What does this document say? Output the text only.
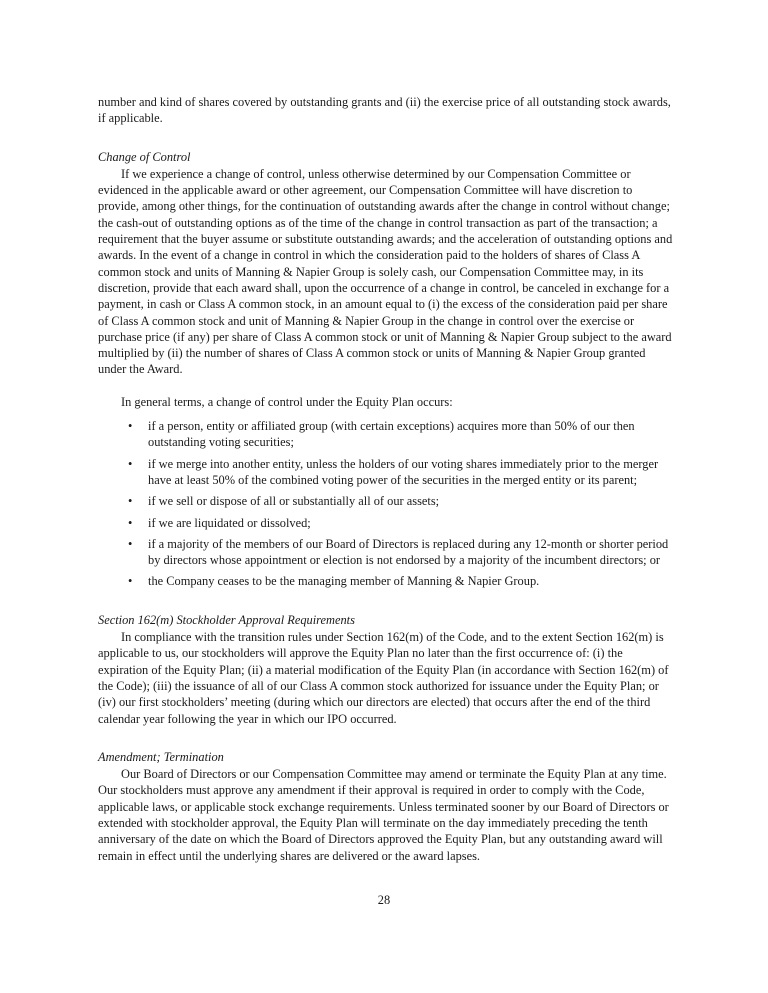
number and kind of shares covered by outstanding grants and (ii) the exercise price of all outstanding stock awards, if applicable.

Change of Control

If we experience a change of control, unless otherwise determined by our Compensation Committee or evidenced in the applicable award or other agreement, our Compensation Committee will have discretion to provide, among other things, for the continuation of outstanding awards after the change in control without change; the cash-out of outstanding options as of the time of the change in control transaction as part of the transaction; a requirement that the buyer assume or substitute outstanding awards; and the acceleration of outstanding options and awards. In the event of a change in control in which the consideration paid to the holders of shares of Class A common stock and units of Manning & Napier Group is solely cash, our Compensation Committee may, in its discretion, provide that each award shall, upon the occurrence of a change in control, be canceled in exchange for a payment, in cash or Class A common stock, in an amount equal to (i) the excess of the consideration paid per share of Class A common stock and unit of Manning & Napier Group in the change in control over the exercise or purchase price (if any) per share of Class A common stock or unit of Manning & Napier Group subject to the award multiplied by (ii) the number of shares of Class A common stock or units of Manning & Napier Group granted under the Award.

In general terms, a change of control under the Equity Plan occurs:

• if a person, entity or affiliated group (with certain exceptions) acquires more than 50% of our then outstanding voting securities;
• if we merge into another entity, unless the holders of our voting shares immediately prior to the merger have at least 50% of the combined voting power of the securities in the merged entity or its parent;
• if we sell or dispose of all or substantially all of our assets;
• if we are liquidated or dissolved;
• if a majority of the members of our Board of Directors is replaced during any 12-month or shorter period by directors whose appointment or election is not endorsed by a majority of the incumbent directors; or
• the Company ceases to be the managing member of Manning & Napier Group.

Section 162(m) Stockholder Approval Requirements

In compliance with the transition rules under Section 162(m) of the Code, and to the extent Section 162(m) is applicable to us, our stockholders will approve the Equity Plan no later than the first occurrence of: (i) the expiration of the Equity Plan; (ii) a material modification of the Equity Plan (in accordance with Section 162(m) of the Code); (iii) the issuance of all of our Class A common stock authorized for issuance under the Equity Plan; or (iv) our first stockholders’ meeting (during which our directors are elected) that occurs after the end of the third calendar year following the year in which our IPO occurred.

Amendment; Termination

Our Board of Directors or our Compensation Committee may amend or terminate the Equity Plan at any time. Our stockholders must approve any amendment if their approval is required in order to comply with the Code, applicable laws, or applicable stock exchange requirements. Unless terminated sooner by our Board of Directors or extended with stockholder approval, the Equity Plan will terminate on the day immediately preceding the tenth anniversary of the date on which the Board of Directors approved the Equity Plan, but any outstanding award will remain in effect until the underlying shares are delivered or the award lapses.

28
